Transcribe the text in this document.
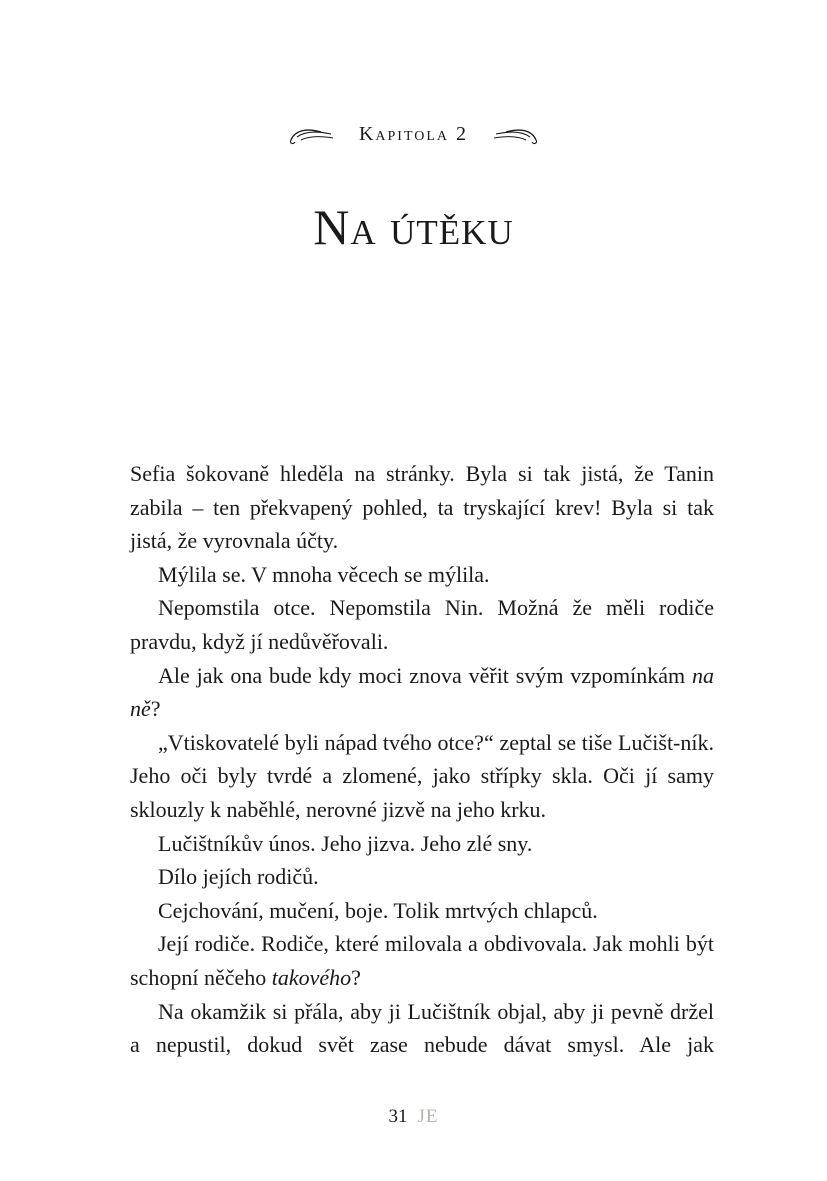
Kapitola 2
Na útěku

Sefia šokovaně hleděla na stránky. Byla si tak jistá, že Tanin zabila – ten překvapený pohled, ta tryskající krev! Byla si tak jistá, že vyrovnala účty.

Mýlila se. V mnoha věcech se mýlila.

Nepomstila otce. Nepomstila Nin. Možná že měli rodiče pravdu, když jí nedůvěřovali.

Ale jak ona bude kdy moci znova věřit svým vzpomínkám na ně?

„Vtiskovatelé byli nápad tvého otce?“ zeptal se tiše Lučišt-ník. Jeho oči byly tvrdé a zlomené, jako střípky skla. Oči jí samy sklouzly k naběhlé, nerovné jizvě na jeho krku.

Lučištníkův únos. Jeho jizva. Jeho zlé sny.

Dílo jejích rodičů.

Cejchování, mučení, boje. Tolik mrtvých chlapců.

Její rodiče. Rodiče, které milovala a obdivovala. Jak mohli být schopní něčeho takového?

Na okamžik si přála, aby ji Lučištník objal, aby ji pevně držel a nepustil, dokud svět zase nebude dávat smysl. Ale jak

31 JE
